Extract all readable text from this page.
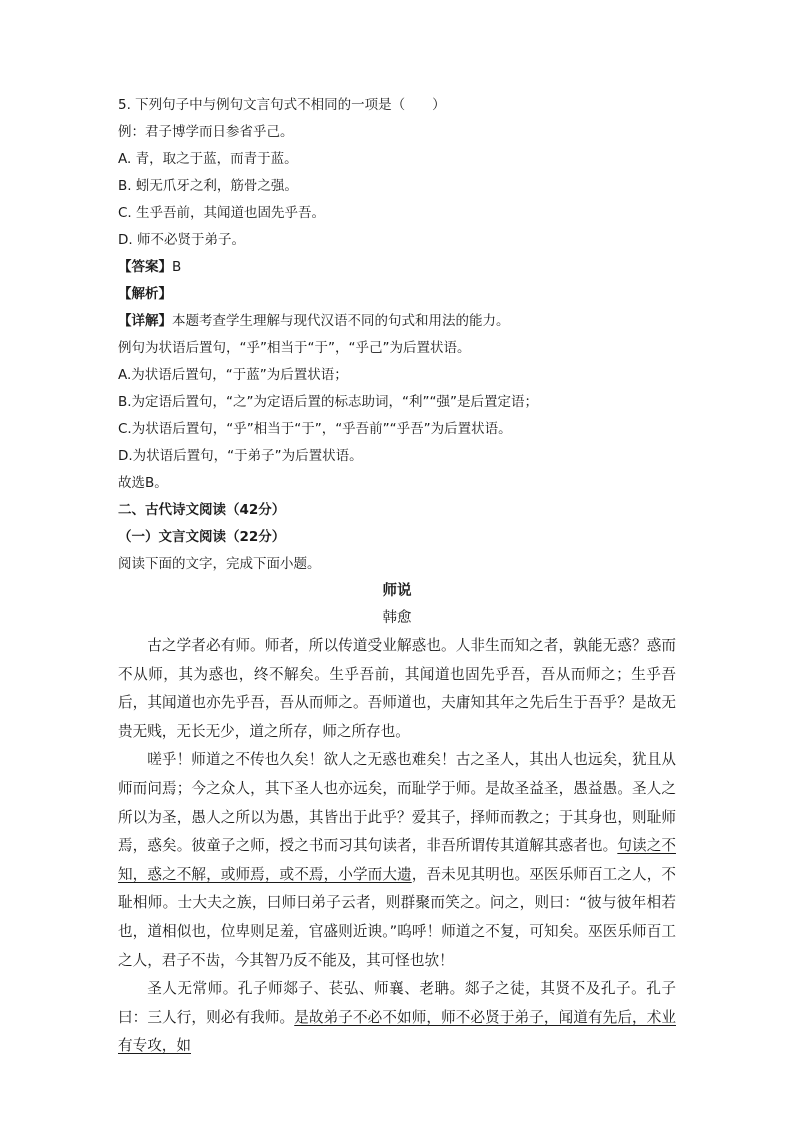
5. 下列句子中与例句文言句式不相同的一项是（　　）
例：君子博学而日参省乎己。
A. 青，取之于蓝，而青于蓝。
B. 蚓无爪牙之利，筋骨之强。
C. 生乎吾前，其闻道也固先乎吾。
D. 师不必贤于弟子。
【答案】B
【解析】
【详解】本题考查学生理解与现代汉语不同的句式和用法的能力。
例句为状语后置句，“乎”相当于“于”，“乎己”为后置状语。
A.为状语后置句，“于蓝”为后置状语；
B.为定语后置句，“之”为定语后置的标志助词，“利”“强”是后置定语；
C.为状语后置句，“乎”相当于“于”，“乎吾前”“乎吾”为后置状语。
D.为状语后置句，“于弟子”为后置状语。
故选B。
二、古代诗文阅读（42分）
（一）文言文阅读（22分）
阅读下面的文字，完成下面小题。
师说
韩愈

古之学者必有师。师者，所以传道受业解惑也。人非生而知之者，孰能无惑？惑而不从师，其为惑也，终不解矣。生乎吾前，其闻道也固先乎吾，吾从而师之；生乎吾后，其闻道也亦先乎吾，吾从而师之。吾师道也，夫庸知其年之先后生于吾乎？是故无贵无贱，无长无少，道之所存，师之所存也。

嗟乎！师道之不传也久矣！欲人之无惑也难矣！古之圣人，其出人也远矣，犹且从师而问焉；今之众人，其下圣人也亦远矣，而耻学于师。是故圣益圣，愚益愚。圣人之所以为圣，愚人之所以为愚，其皆出于此乎？爱其子，择师而教之；于其身也，则耻师焉，惑矣。彼童子之师，授之书而习其句读者，非吾所谓传其道解其惑者也。句读之不知，惑之不解，或师焉，或不焉，小学而大遗，吾未见其明也。巫医乐师百工之人，不耻相师。士大夫之族，曰师曰弟子云者，则群聚而笑之。问之，则曰：“彼与彼年相若也，道相似也，位卑则足羞，官盛则近谀。”呜呼！师道之不复，可知矣。巫医乐师百工之人，君子不齿，今其智乃反不能及，其可怪也欤！

圣人无常师。孔子师郯子、苌弘、师襄、老聃。郯子之徒，其贤不及孔子。孔子曰：三人行，则必有我师。是故弟子不必不如师，师不必贤于弟子，闻道有先后，术业有专攻，如
